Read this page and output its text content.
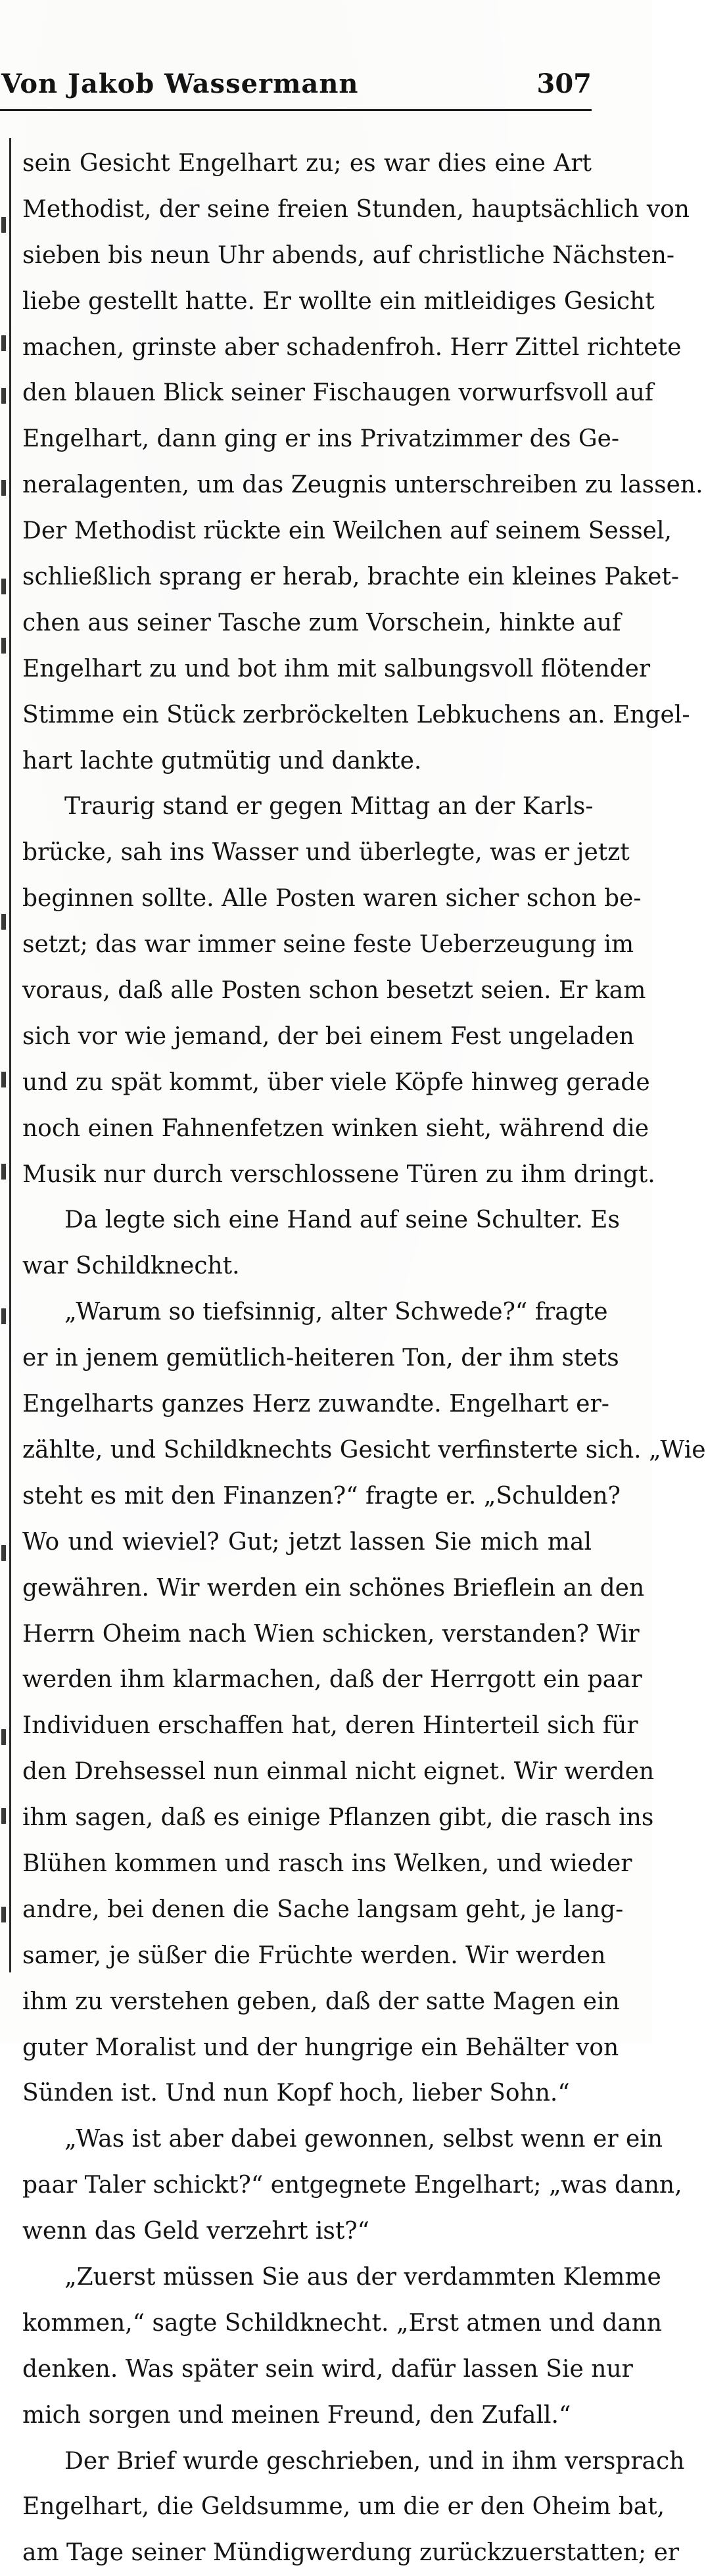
Von Jakob Wassermann	307
sein Gesicht Engelhart zu; es war dies eine Art
Methodist, der seine freien Stunden, hauptsächlich von
sieben bis neun Uhr abends, auf christliche Nächsten-
liebe gestellt hatte. Er wollte ein mitleidiges Gesicht
machen, grinste aber schadenfroh. Herr Zittel richtete
den blauen Blick seiner Fischaugen vorwurfsvoll auf
Engelhart, dann ging er ins Privatzimmer des Ge-
neralagenten, um das Zeugnis unterschreiben zu lassen.
Der Methodist rückte ein Weilchen auf seinem Sessel,
schließlich sprang er herab, brachte ein kleines Paket-
chen aus seiner Tasche zum Vorschein, hinkte auf
Engelhart zu und bot ihm mit salbungsvoll flötender
Stimme ein Stück zerbröckelten Lebkuchens an. Engel-
hart lachte gutmütig und dankte.
Traurig stand er gegen Mittag an der Karls-
brücke, sah ins Wasser und überlegte, was er jetzt
beginnen sollte. Alle Posten waren sicher schon be-
setzt; das war immer seine feste Ueberzeugung im
voraus, daß alle Posten schon besetzt seien. Er kam
sich vor wie jemand, der bei einem Fest ungeladen
und zu spät kommt, über viele Köpfe hinweg gerade
noch einen Fahnenfetzen winken sieht, während die
Musik nur durch verschlossene Türen zu ihm dringt.
Da legte sich eine Hand auf seine Schulter. Es
war Schildknecht.
„Warum so tiefsinnig, alter Schwede?“ fragte
er in jenem gemütlich-heiteren Ton, der ihm stets
Engelharts ganzes Herz zuwandte. Engelhart er-
zählte, und Schildknechts Gesicht verfinsterte sich. „Wie
steht es mit den Finanzen?“ fragte er. „Schulden?
Wo und wieviel? Gut; jetzt lassen Sie mich mal
gewähren. Wir werden ein schönes Brieflein an den
Herrn Oheim nach Wien schicken, verstanden? Wir
werden ihm klarmachen, daß der Herrgott ein paar
Individuen erschaffen hat, deren Hinterteil sich für
den Drehsessel nun einmal nicht eignet. Wir werden
ihm sagen, daß es einige Pflanzen gibt, die rasch ins
Blühen kommen und rasch ins Welken, und wieder
andre, bei denen die Sache langsam geht, je lang-
samer, je süßer die Früchte werden. Wir werden
ihm zu verstehen geben, daß der satte Magen ein
guter Moralist und der hungrige ein Behälter von
Sünden ist. Und nun Kopf hoch, lieber Sohn.“
„Was ist aber dabei gewonnen, selbst wenn er ein
paar Taler schickt?“ entgegnete Engelhart; „was dann,
wenn das Geld verzehrt ist?“
„Zuerst müssen Sie aus der verdammten Klemme
kommen,“ sagte Schildknecht. „Erst atmen und dann
denken. Was später sein wird, dafür lassen Sie nur
mich sorgen und meinen Freund, den Zufall.“
Der Brief wurde geschrieben, und in ihm versprach
Engelhart, die Geldsumme, um die er den Oheim bat,
am Tage seiner Mündigwerdung zurückzuerstatten; er
